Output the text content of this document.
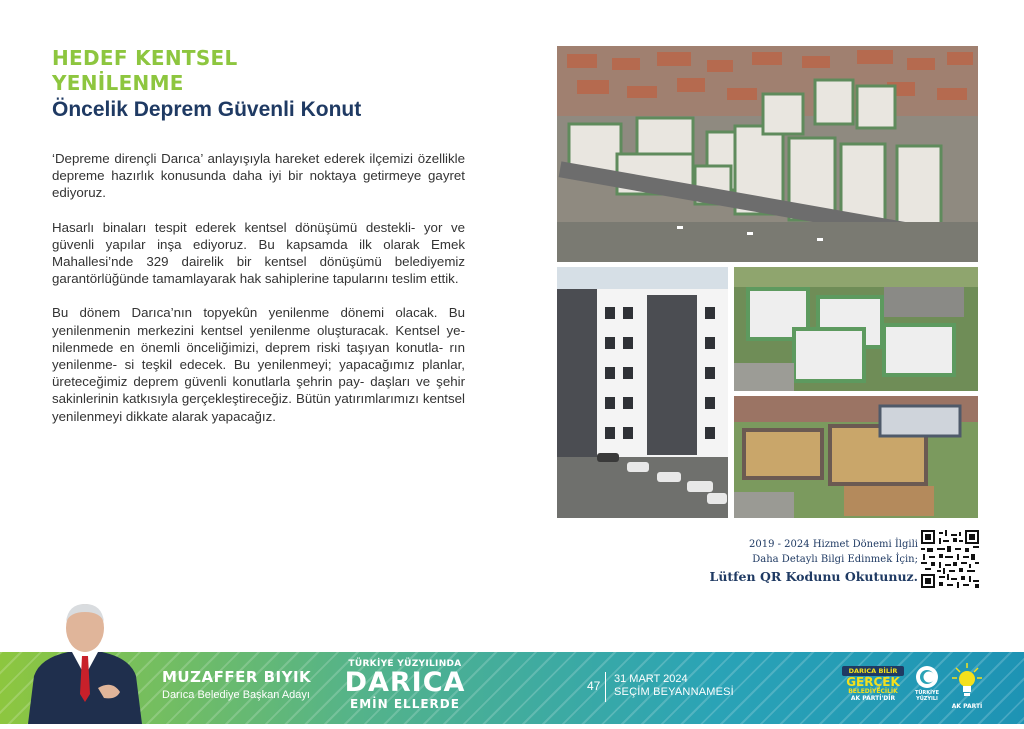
HEDEF KENTSEL
YENİLENME
Öncelik Deprem Güvenli Konut

‘Depreme dirençli Darıca’ anlayışıyla hareket ederek ilçemizi özellikle depreme hazırlık konusunda daha iyi bir noktaya getirmeye gayret ediyoruz.

Hasarlı binaları tespit ederek kentsel dönüşümü destekli- yor ve güvenli yapılar inşa ediyoruz. Bu kapsamda ilk olarak Emek Mahallesi’nde 329 dairelik bir kentsel dönüşümü belediyemiz garantörlüğünde tamamlayarak hak sahiplerine tapularını teslim ettik.

Bu dönem Darıca’nın topyekûn yenilenme dönemi olacak. Bu yenilenmenin merkezini kentsel yenilenme oluşturacak. Kentsel ye- nilenmede en önemli önceliğimizi, deprem riski taşıyan konutla- rın yenilenme- si teşkil edecek. Bu yenilenmeyi; yapacağımız planlar, üreteceğimiz deprem güvenli konutlarla şehrin pay- daşları ve şehir sakinlerinin katkısıyla gerçekleştireceğiz. Bütün yatırımlarımızı kentsel yenilenmeyi dikkate alarak yapacağız.

2019 - 2024 Hizmet Dönemi İlgili
Daha Detaylı Bilgi Edinmek İçin;
Lütfen QR Kodunu Okutunuz.
MUZAFFER BIYIK
Darıca Belediye Başkan Adayı
TÜRKİYE YÜZYILINDA
DARICA
EMİN ELLERDE
47 31 MART 2024
SEÇİM BEYANNAMESİ
DARICA BİLİR
GERÇEK
BELEDİYECİLİK
AK PARTİ'DİR
TÜRKİYE YÜZYILI
AK PARTİ
